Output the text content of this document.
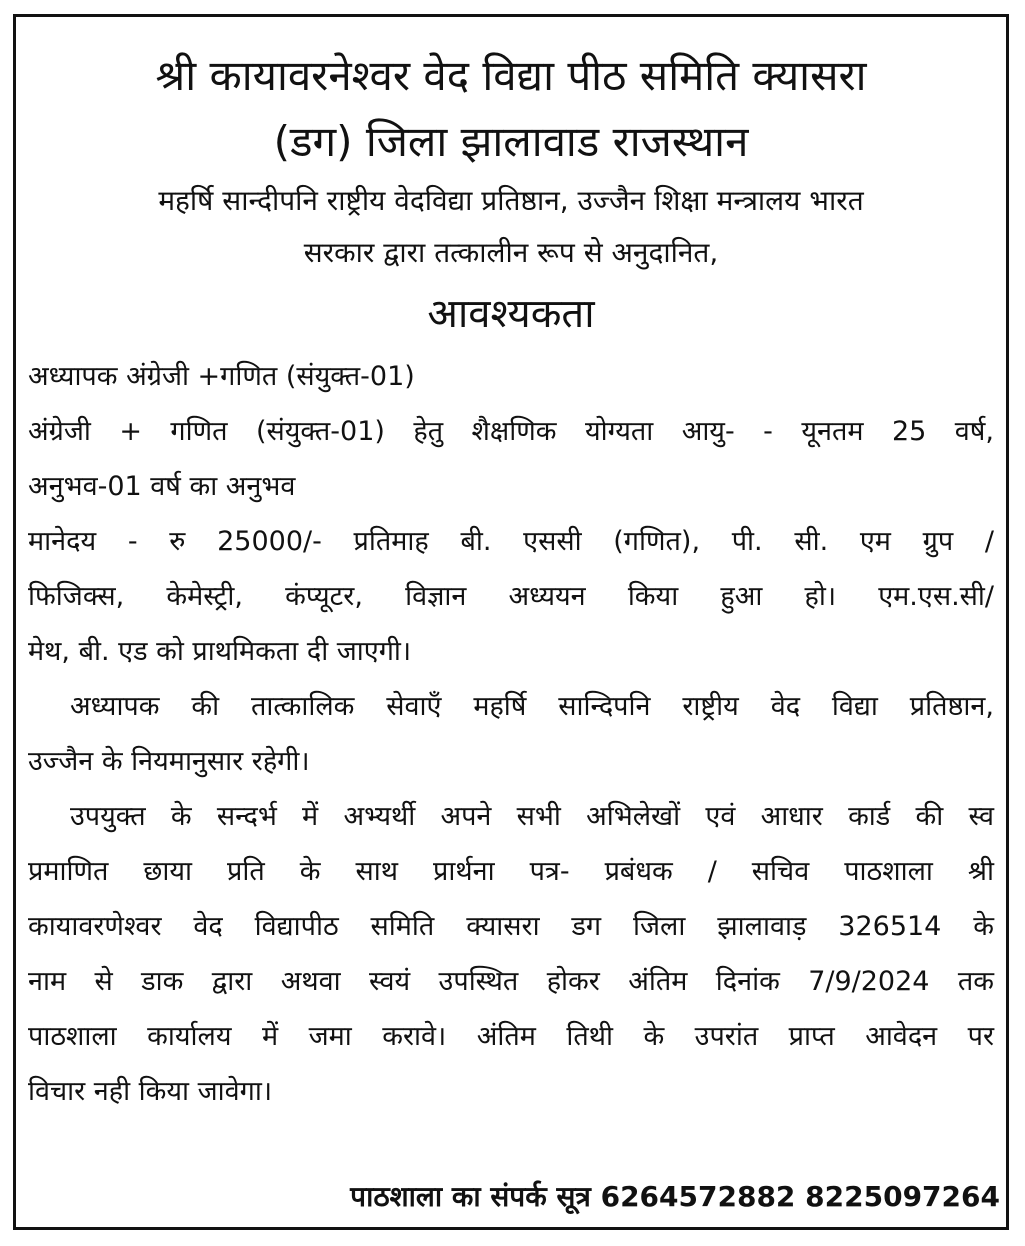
श्री कायावरनेश्वर वेद विद्या पीठ समिति क्यासरा

(डग) जिला झालावाड राजस्थान

महर्षि सान्दीपनि राष्ट्रीय वेदविद्या प्रतिष्ठान, उज्जैन शिक्षा मन्त्रालय भारत

सरकार द्वारा तत्कालीन रूप से अनुदानित,

आवश्यकता

अध्यापक अंग्रेजी +गणित (संयुक्त-01)

अंग्रेजी + गणित (संयुक्त-01) हेतु शैक्षणिक योग्यता आयु- - यूनतम 25 वर्ष,

अनुभव-01 वर्ष का अनुभव

मानेदय - रु 25000/- प्रतिमाह बी. एससी (गणित), पी. सी. एम ग्रुप /

फिजिक्स, केमेस्ट्री, कंप्यूटर, विज्ञान अध्ययन किया हुआ हो। एम.एस.सी/

मेथ, बी. एड को प्राथमिकता दी जाएगी।

अध्यापक की तात्कालिक सेवाएँ महर्षि सान्दिपनि राष्ट्रीय वेद विद्या प्रतिष्ठान,

उज्जैन के नियमानुसार रहेगी।

उपयुक्त के सन्दर्भ में अभ्यर्थी अपने सभी अभिलेखों एवं आधार कार्ड की स्व

प्रमाणित छाया प्रति के साथ प्रार्थना पत्र- प्रबंधक / सचिव पाठशाला श्री

कायावरणेश्वर वेद विद्यापीठ समिति क्यासरा डग जिला झालावाड़ 326514 के

नाम से डाक द्वारा अथवा स्वयं उपस्थित होकर अंतिम दिनांक 7/9/2024 तक

पाठशाला कार्यालय में जमा करावे। अंतिम तिथी के उपरांत प्राप्त आवेदन पर

विचार नही किया जावेगा।

पाठशाला का संपर्क सूत्र 6264572882 8225097264
